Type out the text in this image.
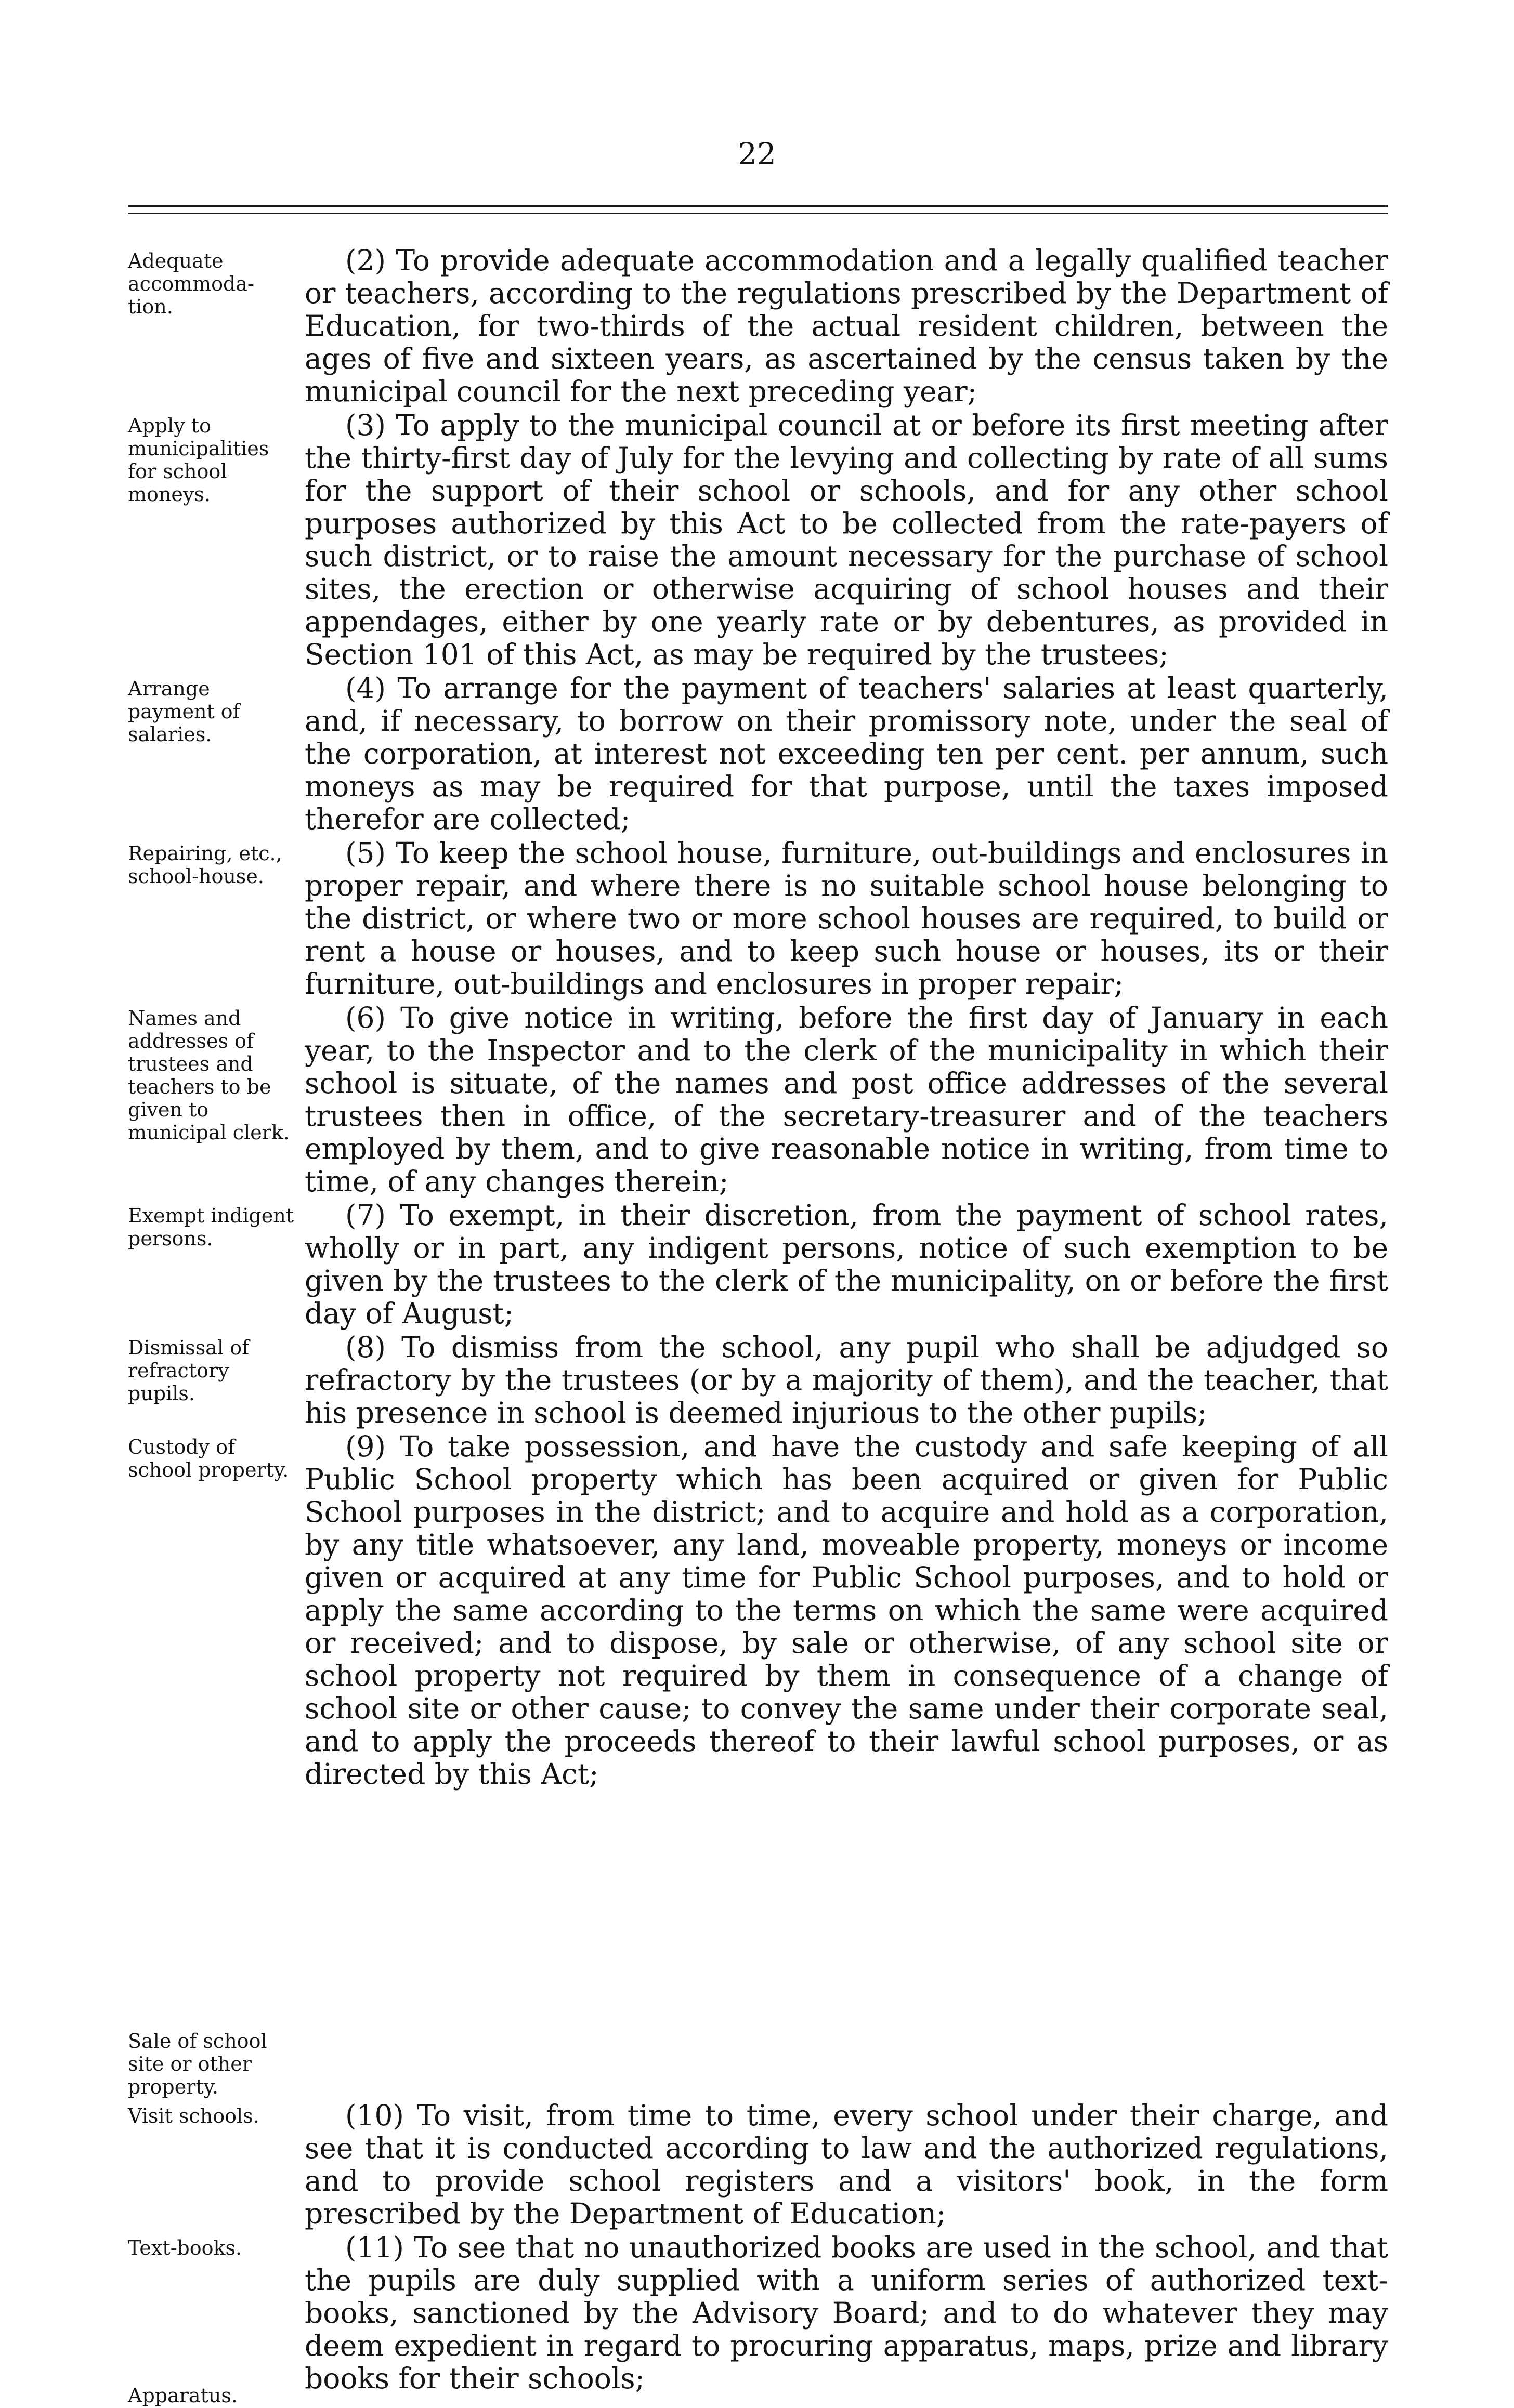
22
Adequate accommoda-tion.
(2) To provide adequate accommodation and a legally qualified teacher or teachers, according to the regulations prescribed by the Department of Education, for two-thirds of the actual resident children, between the ages of five and sixteen years, as ascertained by the census taken by the municipal council for the next preceding year;
Apply to municipalities for school moneys.
(3) To apply to the municipal council at or before its first meeting after the thirty-first day of July for the levying and collecting by rate of all sums for the support of their school or schools, and for any other school purposes authorized by this Act to be collected from the rate-payers of such district, or to raise the amount necessary for the purchase of school sites, the erection or otherwise acquiring of school houses and their appendages, either by one yearly rate or by debentures, as provided in Section 101 of this Act, as may be required by the trustees;
Arrange payment of salaries.
(4) To arrange for the payment of teachers' salaries at least quarterly, and, if necessary, to borrow on their promissory note, under the seal of the corporation, at interest not exceeding ten per cent. per annum, such moneys as may be required for that purpose, until the taxes imposed therefor are collected;
Repairing, etc., school-house.
(5) To keep the school house, furniture, out-buildings and enclosures in proper repair, and where there is no suitable school house belonging to the district, or where two or more school houses are required, to build or rent a house or houses, and to keep such house or houses, its or their furniture, out-buildings and enclosures in proper repair;
Names and addresses of trustees and teachers to be given to municipal clerk.
(6) To give notice in writing, before the first day of January in each year, to the Inspector and to the clerk of the municipality in which their school is situate, of the names and post office addresses of the several trustees then in office, of the secretary-treasurer and of the teachers employed by them, and to give reasonable notice in writing, from time to time, of any changes therein;
Exempt indigent persons.
(7) To exempt, in their discretion, from the payment of school rates, wholly or in part, any indigent persons, notice of such exemption to be given by the trustees to the clerk of the municipality, on or before the first day of August;
Dismissal of refractory pupils.
(8) To dismiss from the school, any pupil who shall be adjudged so refractory by the trustees (or by a majority of them), and the teacher, that his presence in school is deemed injurious to the other pupils;
Custody of school property.
Sale of school site or other property.
(9) To take possession, and have the custody and safe keeping of all Public School property which has been acquired or given for Public School purposes in the district; and to acquire and hold as a corporation, by any title whatsoever, any land, moveable property, moneys or income given or acquired at any time for Public School purposes, and to hold or apply the same according to the terms on which the same were acquired or received; and to dispose, by sale or otherwise, of any school site or school property not required by them in consequence of a change of school site or other cause; to convey the same under their corporate seal, and to apply the proceeds thereof to their lawful school purposes, or as directed by this Act;
Visit schools.	(10) To visit, from time to time, every school under their charge, and see that it is conducted according to law and the authorized regulations, and to provide school registers and a visitors' book, in the form prescribed by the Department of Education;
Text-books.
Apparatus.
(11) To see that no unauthorized books are used in the school, and that the pupils are duly supplied with a uniform series of authorized text-books, sanctioned by the Advisory Board; and to do whatever they may deem expedient in regard to procuring apparatus, maps, prize and library books for their schools;
